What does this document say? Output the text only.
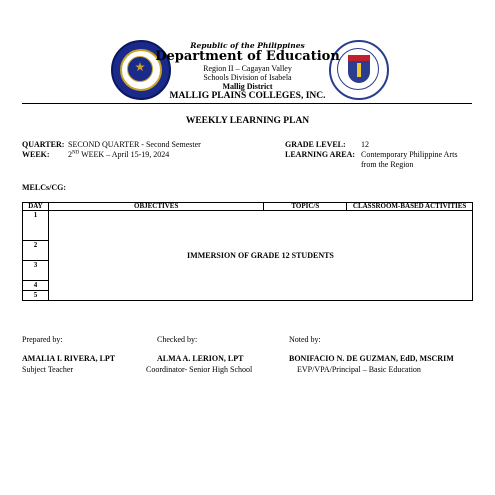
Republic of the Philippines
Department of Education
Region II – Cagayan Valley
Schools Division of Isabela
Mallig District
MALLIG PLAINS COLLEGES, INC.
WEEKLY LEARNING PLAN
QUARTER: SECOND QUARTER - Second Semester
WEEK: 2ND WEEK – April 15-19, 2024
GRADE LEVEL: 12
LEARNING AREA: Contemporary Philippine Arts
from the Region
MELCs/CG:
DAY	OBJECTIVES	TOPIC/S	CLASSROOM-BASED ACTIVITIES
1	IMMERSION OF GRADE 12 STUDENTS		
2			
3			
4			
5			
Prepared by:
AMALIA I. RIVERA, LPT
Subject Teacher
Checked by:
ALMA A. LERION, LPT
Coordinator- Senior High School
Noted by:
BONIFACIO N. DE GUZMAN, EdD, MSCRIM
EVP/VPA/Principal – Basic Education
